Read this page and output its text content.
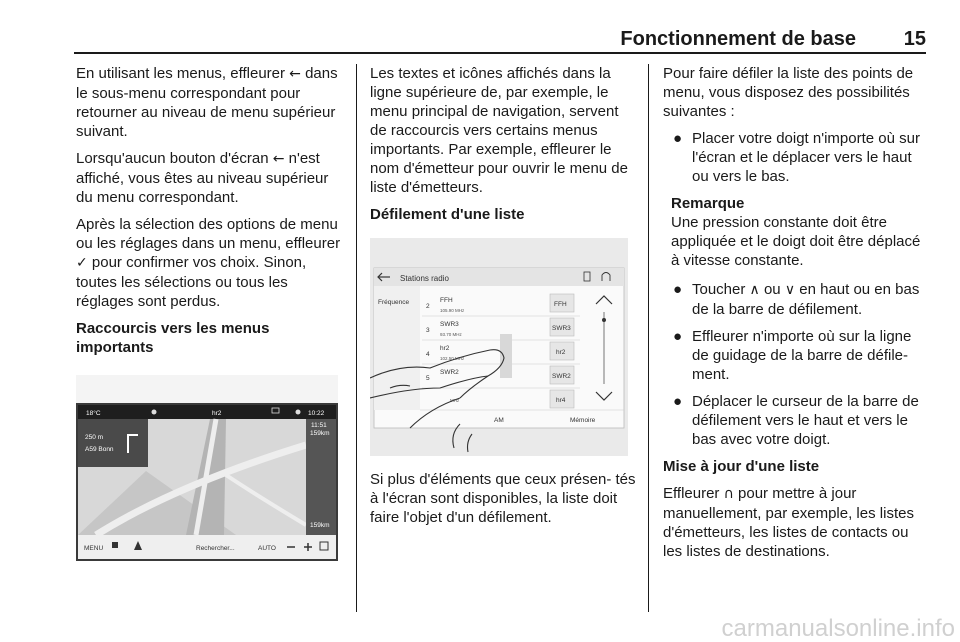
Fonctionnement de base 15

En utilisant les menus, effleurer ← dans le sous-menu correspondant pour retourner au niveau de menu supérieur suivant.

Lorsqu'aucun bouton d'écran ← n'est affiché, vous êtes au niveau supérieur du menu correspondant.

Après la sélection des options de menu ou les réglages dans un menu, effleurer ✓ pour confirmer vos choix. Sinon, toutes les sélections ou tous les réglages sont perdus.

Raccourcis vers les menus importants
18°C	hr2	10:22
250 m
A59 Bonn
11:51
159km
159km
MENU	Rechercher...	AUTO

Les textes et icônes affichés dans la ligne supérieure de, par exemple, le menu principal de navigation, servent de raccourcis vers certains menus importants. Par exemple, effleurer le nom d'émetteur pour ouvrir le menu de liste d'émetteurs.

Défilement d'une liste
Stations radio
Fréquence
2
FFH
105.90 MHz
FFH
3
SWR3
93.70 MHz
SWR3
4
hr2
102.50 MHz
hr2
5
SWR2
SWR2
MHz	hr4
AM	Mémoire

Si plus d'éléments que ceux présen- tés à l'écran sont disponibles, la liste doit faire l'objet d'un défilement.

Pour faire défiler la liste des points de menu, vous disposez des possibilités suivantes :

● Placer votre doigt n'importe où sur l'écran et le déplacer vers le haut ou vers le bas.
Remarque
Une pression constante doit être appliquée et le doigt doit être déplacé à vitesse constante.
● Toucher ∧ ou ∨ en haut ou en bas de la barre de défilement.
● Effleurer n'importe où sur la ligne de guidage de la barre de défile- ment.
● Déplacer le curseur de la barre de défilement vers le haut et vers le bas avec votre doigt.
Mise à jour d'une liste

Effleurer ∩ pour mettre à jour manuellement, par exemple, les listes d'émetteurs, les listes de contacts ou les listes de destinations.

carmanualsonline.info
